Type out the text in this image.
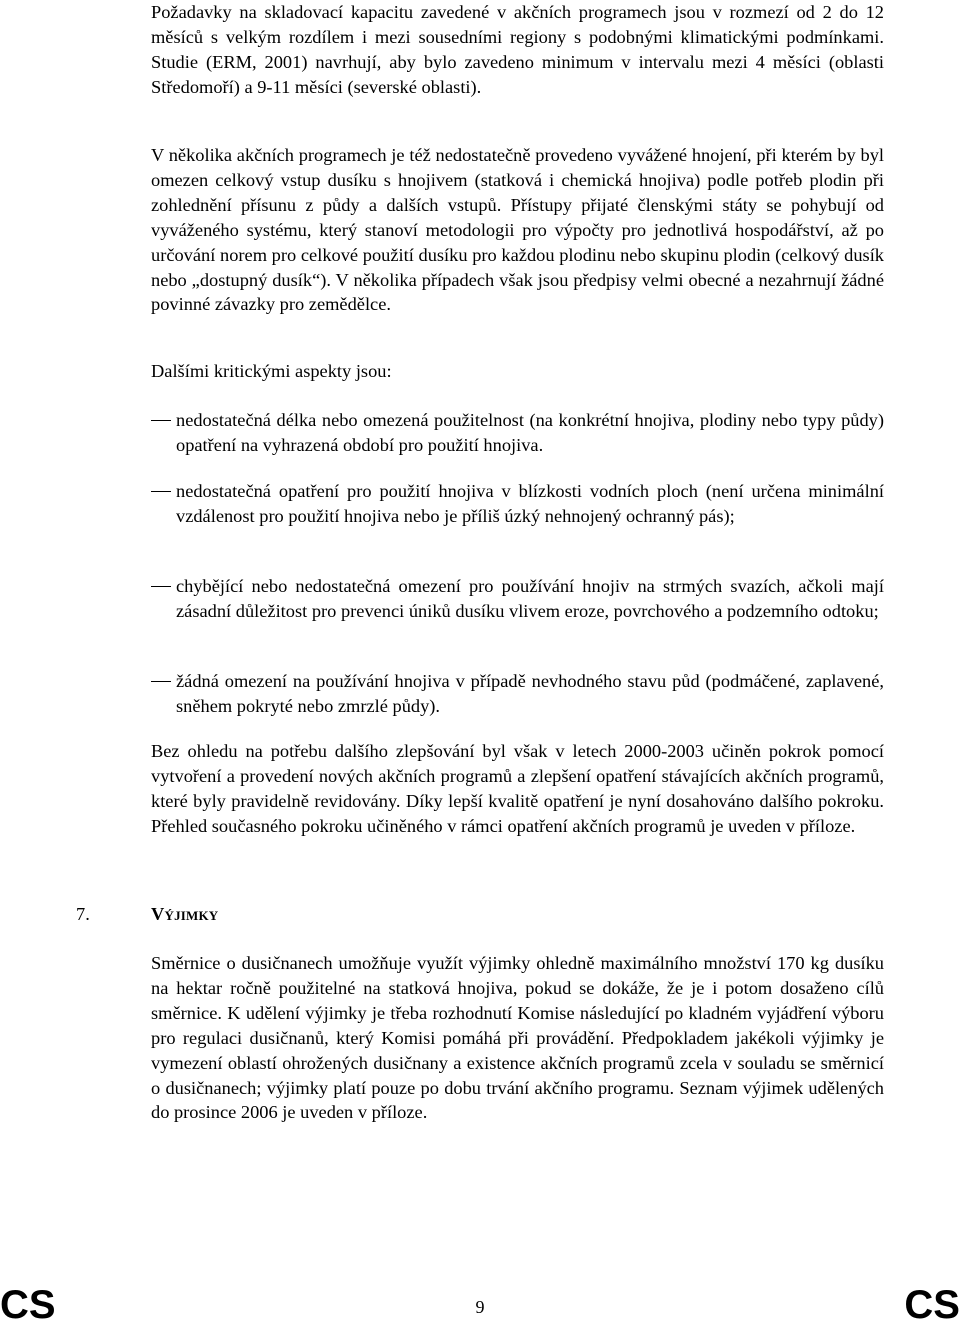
Požadavky na skladovací kapacitu zavedené v akčních programech jsou v rozmezí od 2 do 12 měsíců s velkým rozdílem i mezi sousedními regiony s podobnými klimatickými podmínkami. Studie (ERM, 2001) navrhují, aby bylo zavedeno minimum v intervalu mezi 4 měsíci (oblasti Středomoří) a 9-11 měsíci (severské oblasti).

V několika akčních programech je též nedostatečně provedeno vyvážené hnojení, při kterém by byl omezen celkový vstup dusíku s hnojivem (statková i chemická hnojiva) podle potřeb plodin při zohlednění přísunu z půdy a dalších vstupů. Přístupy přijaté členskými státy se pohybují od vyváženého systému, který stanoví metodologii pro výpočty pro jednotlivá hospodářství, až po určování norem pro celkové použití dusíku pro každou plodinu nebo skupinu plodin (celkový dusík nebo „dostupný dusík“). V několika případech však jsou předpisy velmi obecné a nezahrnují žádné povinné závazky pro zemědělce.

Dalšími kritickými aspekty jsou:

nedostatečná délka nebo omezená použitelnost (na konkrétní hnojiva, plodiny nebo typy půdy) opatření na vyhrazená období pro použití hnojiva.
nedostatečná opatření pro použití hnojiva v blízkosti vodních ploch (není určena minimální vzdálenost pro použití hnojiva nebo je příliš úzký nehnojený ochranný pás);
chybějící nebo nedostatečná omezení pro používání hnojiv na strmých svazích, ačkoli mají zásadní důležitost pro prevenci úniků dusíku vlivem eroze, povrchového a podzemního odtoku;
žádná omezení na používání hnojiva v případě nevhodného stavu půd (podmáčené, zaplavené, sněhem pokryté nebo zmrzlé půdy).

Bez ohledu na potřebu dalšího zlepšování byl však v letech 2000-2003 učiněn pokrok pomocí vytvoření a provedení nových akčních programů a zlepšení opatření stávajících akčních programů, které byly pravidelně revidovány. Díky lepší kvalitě opatření je nyní dosahováno dalšího pokroku. Přehled současného pokroku učiněného v rámci opatření akčních programů je uveden v příloze.

7.	Výjimky

Směrnice o dusičnanech umožňuje využít výjimky ohledně maximálního množství 170 kg dusíku na hektar ročně použitelné na statková hnojiva, pokud se dokáže, že je i potom dosaženo cílů směrnice. K udělení výjimky je třeba rozhodnutí Komise následující po kladném vyjádření výboru pro regulaci dusičnanů, který Komisi pomáhá při provádění. Předpokladem jakékoli výjimky je vymezení oblastí ohrožených dusičnany a existence akčních programů zcela v souladu se směrnicí o dusičnanech; výjimky platí pouze po dobu trvání akčního programu. Seznam výjimek udělených do prosince 2006 je uveden v příloze.

CS	9	CS
